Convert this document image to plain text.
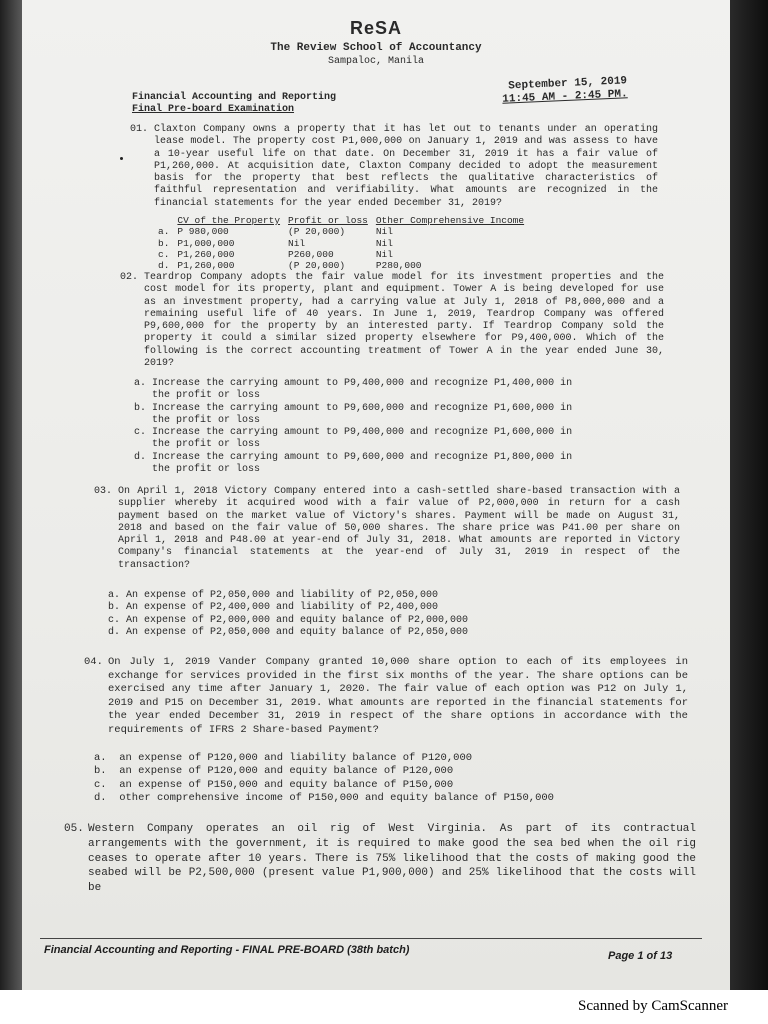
ReSA
The Review School of Accountancy
Sampaloc, Manila
Financial Accounting and Reporting
Final Pre-board Examination
September 15, 2019
11:45 AM - 2:45 PM.
01. Claxton Company owns a property that it has let out to tenants under an operating lease model. The property cost P1,000,000 on January 1, 2019 and was assess to have a 10-year useful life on that date. On December 31, 2019 it has a fair value of P1,260,000. At acquisition date, Claxton Company decided to adopt the measurement basis for the property that best reflects the qualitative characteristics of faithful representation and verifiability. What amounts are recognized in the financial statements for the year ended December 31, 2019?

	CV of the Property	Profit or loss	Other Comprehensive Income
a.	P 980,000	(P 20,000)	Nil
b.	P1,000,000	Nil	Nil
c.	P1,260,000	P260,000	Nil
d.	P1,260,000	(P 20,000)	P280,000
02. Teardrop Company adopts the fair value model for its investment properties and the cost model for its property, plant and equipment. Tower A is being developed for use as an investment property, had a carrying value at July 1, 2018 of P8,000,000 and a remaining useful life of 40 years. In June 1, 2019, Teardrop Company was offered P9,600,000 for the property by an interested party. If Teardrop Company sold the property it could a similar sized property elsewhere for P9,400,000. Which of the following is the correct accounting treatment of Tower A in the year ended June 30, 2019?

a. Increase the carrying amount to P9,400,000 and recognize P1,400,000 in
the profit or loss
b. Increase the carrying amount to P9,600,000 and recognize P1,600,000 in
the profit or loss
c. Increase the carrying amount to P9,400,000 and recognize P1,600,000 in
the profit or loss
d. Increase the carrying amount to P9,600,000 and recognize P1,800,000 in
the profit or loss
03. On April 1, 2018 Victory Company entered into a cash-settled share-based transaction with a supplier whereby it acquired wood with a fair value of P2,000,000 in return for a cash payment based on the market value of Victory's shares. Payment will be made on August 31, 2018 and based on the fair value of 50,000 shares. The share price was P41.00 per share on April 1, 2018 and P48.00 at year-end of July 31, 2018. What amounts are reported in Victory Company's financial statements at the year-end of July 31, 2019 in respect of the transaction?

a. An expense of P2,050,000 and liability of P2,050,000
b. An expense of P2,400,000 and liability of P2,400,000
c. An expense of P2,000,000 and equity balance of P2,000,000
d. An expense of P2,050,000 and equity balance of P2,050,000
04. On July 1, 2019 Vander Company granted 10,000 share option to each of its employees in exchange for services provided in the first six months of the year. The share options can be exercised any time after January 1, 2020. The fair value of each option was P12 on July 1, 2019 and P15 on December 31, 2019. What amounts are reported in the financial statements for the year ended December 31, 2019 in respect of the share options in accordance with the requirements of IFRS 2 Share-based Payment?

a.  an expense of P120,000 and liability balance of P120,000
b.  an expense of P120,000 and equity balance of P120,000
c.  an expense of P150,000 and equity balance of P150,000
d.  other comprehensive income of P150,000 and equity balance of P150,000
05. Western Company operates an oil rig of West Virginia. As part of its contractual arrangements with the government, it is required to make good the sea bed when the oil rig ceases to operate after 10 years. There is 75% likelihood that the costs of making good the seabed will be P2,500,000 (present value P1,900,000) and 25% likelihood that the costs will be

Financial Accounting and Reporting - FINAL PRE-BOARD (38th batch)	Page 1 of 13
Scanned by CamScanner
